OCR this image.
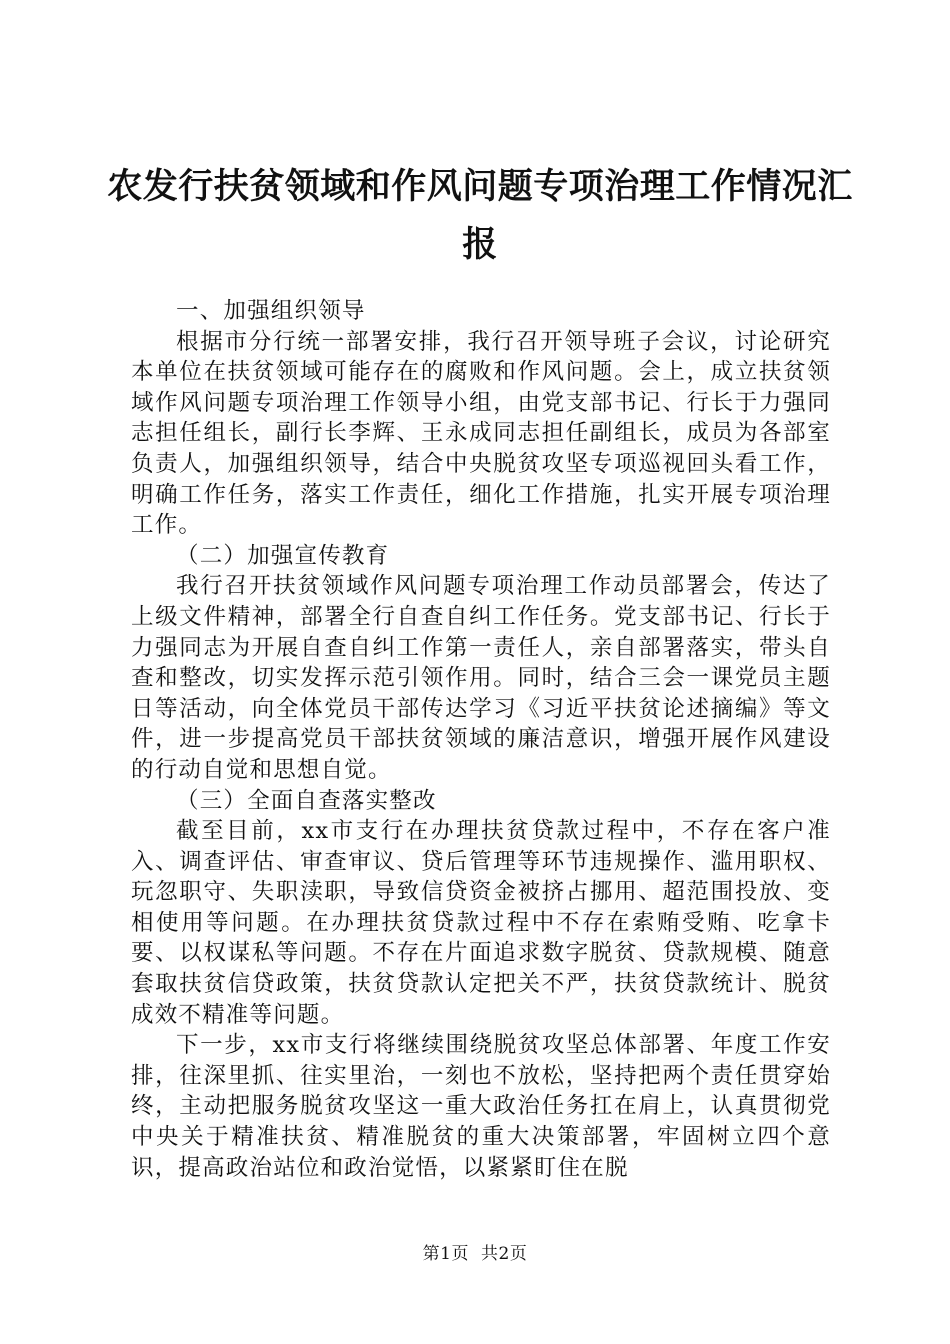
农发行扶贫领域和作风问题专项治理工作情况汇报

一、加强组织领导

根据市分行统一部署安排，我行召开领导班子会议，讨论研究本单位在扶贫领域可能存在的腐败和作风问题。会上，成立扶贫领域作风问题专项治理工作领导小组，由党支部书记、行长于力强同志担任组长，副行长李辉、王永成同志担任副组长，成员为各部室负责人，加强组织领导，结合中央脱贫攻坚专项巡视回头看工作，明确工作任务，落实工作责任，细化工作措施，扎实开展专项治理工作。

（二）加强宣传教育

我行召开扶贫领域作风问题专项治理工作动员部署会，传达了上级文件精神，部署全行自查自纠工作任务。党支部书记、行长于力强同志为开展自查自纠工作第一责任人，亲自部署落实，带头自查和整改，切实发挥示范引领作用。同时，结合三会一课党员主题日等活动，向全体党员干部传达学习《习近平扶贫论述摘编》等文件，进一步提高党员干部扶贫领域的廉洁意识，增强开展作风建设的行动自觉和思想自觉。

（三）全面自查落实整改

截至目前，xx市支行在办理扶贫贷款过程中，不存在客户准入、调查评估、审查审议、贷后管理等环节违规操作、滥用职权、玩忽职守、失职渎职，导致信贷资金被挤占挪用、超范围投放、变相使用等问题。在办理扶贫贷款过程中不存在索贿受贿、吃拿卡要、以权谋私等问题。不存在片面追求数字脱贫、贷款规模、随意套取扶贫信贷政策，扶贫贷款认定把关不严，扶贫贷款统计、脱贫成效不精准等问题。

下一步，xx市支行将继续围绕脱贫攻坚总体部署、年度工作安排，往深里抓、往实里治，一刻也不放松，坚持把两个责任贯穿始终，主动把服务脱贫攻坚这一重大政治任务扛在肩上，认真贯彻党中央关于精准扶贫、精准脱贫的重大决策部署，牢固树立四个意识，提高政治站位和政治觉悟，以紧紧盯住在脱

第1页 共2页
